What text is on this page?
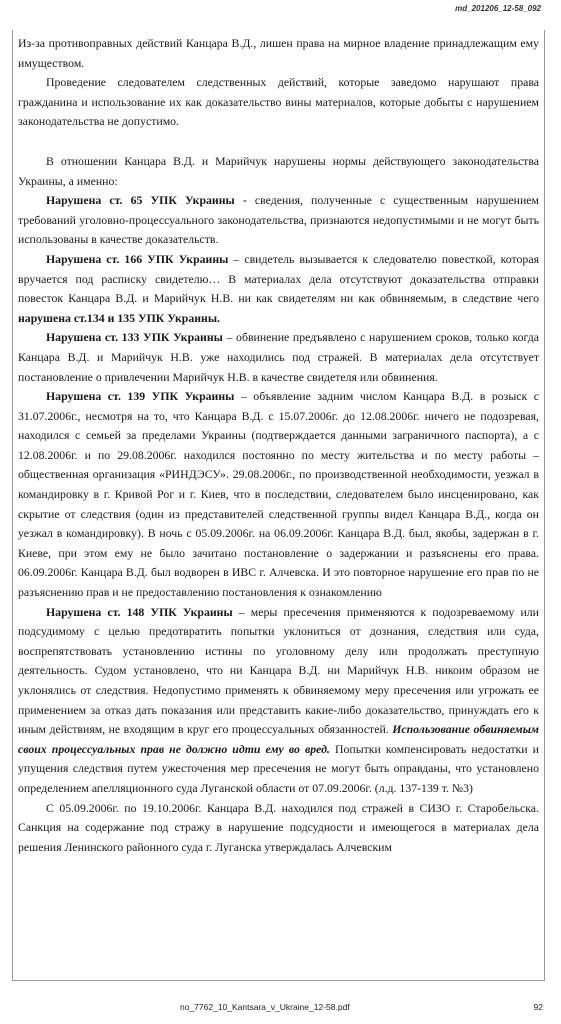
md_201206_12-58_092

Из-за противоправных действий Канцара В.Д., лишен права на мирное владение принадлежащим ему имуществом.

Проведение следователем следственных действий, которые заведомо нарушают права гражданина и использование их как доказательство вины материалов, которые добыты с нарушением законодательства не допустимо.

В отношении Канцара В.Д. и Марийчук нарушены нормы действующего законодательства Украины, а именно:

Нарушена ст. 65 УПК Украины - сведения, полученные с существенным нарушением требований уголовно-процессуального законодательства, признаются недопустимыми и не могут быть использованы в качестве доказательств.

Нарушена ст. 166 УПК Украины – свидетель вызывается к следователю повесткой, которая вручается под расписку свидетелю… В материалах дела отсутствуют доказательства отправки повесток Канцара В.Д. и Марийчук Н.В. ни как свидетелям ни как обвиняемым, в следствие чего нарушена ст.134 и 135 УПК Украины.

Нарушена ст. 133 УПК Украины – обвинение предъявлено с нарушением сроков, только когда Канцара В.Д. и Марийчук Н.В. уже находились под стражей. В материалах дела отсутствует постановление о привлечении Марийчук Н.В. в качестве свидетеля или обвинения.

Нарушена ст. 139 УПК Украины – объявление задним числом Канцара В.Д. в розыск с 31.07.2006г., несмотря на то, что Канцара В.Д. с 15.07.2006г. до 12.08.2006г. ничего не подозревая, находился с семьей за пределами Украины (подтверждается данными заграничного паспорта), а с 12.08.2006г. и по 29.08.2006г. находился постоянно по месту жительства и по месту работы – общественная организация «РИНДЭСУ». 29.08.2006г., по производственной необходимости, уезжал в командировку в г. Кривой Рог и г. Киев, что в последствии, следователем было инсценировано, как скрытие от следствия (один из представителей следственной группы видел Канцара В.Д., когда он уезжал в командировку). В ночь с 05.09.2006г. на 06.09.2006г. Канцара В.Д. был, якобы, задержан в г. Киеве, при этом ему не было зачитано постановление о задержании и разъяснены его права. 06.09.2006г. Канцара В.Д. был водворен в ИВС г. Алчевска. И это повторное нарушение его прав по не разъяснению прав и не предоставлению постановления к ознакомлению

Нарушена ст. 148 УПК Украины – меры пресечения применяются к подозреваемому или подсудимому с целью предотвратить попытки уклониться от дознания, следствия или суда, воспрепятствовать установлению истины по уголовному делу или продолжать преступную деятельность. Судом установлено, что ни Канцара В.Д. ни Марийчук Н.В. никоим образом не уклонялись от следствия. Недопустимо применять к обвиняемому меру пресечения или угрожать ее применением за отказ дать показания или представить какие-либо доказательство, принуждать его к иным действиям, не входящим в круг его процессуальных обязанностей. Использование обвиняемым своих процессуальных прав не должно идти ему во вред. Попытки компенсировать недостатки и упущения следствия путем ужесточения мер пресечения не могут быть оправданы, что установлено определением апелляционного суда Луганской области от 07.09.2006г. (л.д. 137-139 т. №3)

С 05.09.2006г. по 19.10.2006г. Канцара В.Д. находился под стражей в СИЗО г. Старобельска. Санкция на содержание под стражу в нарушение подсудности и имеющегося в материалах дела решения Ленинского районного суда г. Луганска утверждалась Алчевским

no_7762_10_Kantsara_v_Ukraine_12-58.pdf	92
